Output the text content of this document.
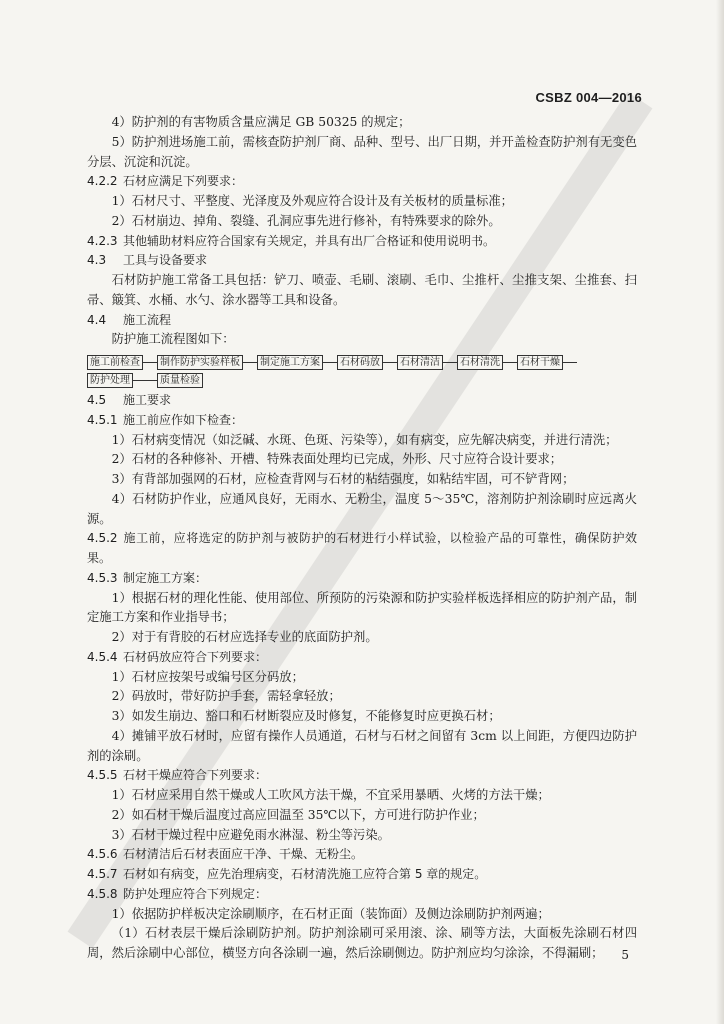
CSBZ 004—2016

4）防护剂的有害物质含量应满足 GB 50325 的规定；

5）防护剂进场施工前，需核查防护剂厂商、品种、型号、出厂日期，并开盖检查防护剂有无变色分层、沉淀和沉淀。

4.2.2 石材应满足下列要求：

1）石材尺寸、平整度、光泽度及外观应符合设计及有关板材的质量标准；

2）石材崩边、掉角、裂缝、孔洞应事先进行修补，有特殊要求的除外。

4.2.3 其他辅助材料应符合国家有关规定，并具有出厂合格证和使用说明书。

4.3 工具与设备要求

石材防护施工常备工具包括：铲刀、喷壶、毛刷、滚刷、毛巾、尘推杆、尘推支架、尘推套、扫帚、簸箕、水桶、水勺、涂水器等工具和设备。

4.4 施工流程

防护施工流程图如下：

施工前检查	制作防护实验样板	制定施工方案	石材码放	石材清洁	石材清洗	石材干燥
防护处理	质量检验

4.5 施工要求

4.5.1 施工前应作如下检查：

1）石材病变情况（如泛碱、水斑、色斑、污染等），如有病变，应先解决病变，并进行清洗；

2）石材的各种修补、开槽、特殊表面处理均已完成，外形、尺寸应符合设计要求；

3）有背部加强网的石材，应检查背网与石材的粘结强度，如粘结牢固，可不铲背网；

4）石材防护作业，应通风良好，无雨水、无粉尘，温度 5～35℃，溶剂防护剂涂刷时应远离火源。

4.5.2 施工前，应将选定的防护剂与被防护的石材进行小样试验，以检验产品的可靠性，确保防护效果。

4.5.3 制定施工方案：

1）根据石材的理化性能、使用部位、所预防的污染源和防护实验样板选择相应的防护剂产品，制定施工方案和作业指导书；

2）对于有背胶的石材应选择专业的底面防护剂。

4.5.4 石材码放应符合下列要求：

1）石材应按架号或编号区分码放；

2）码放时，带好防护手套，需轻拿轻放；

3）如发生崩边、豁口和石材断裂应及时修复，不能修复时应更换石材；

4）摊铺平放石材时，应留有操作人员通道，石材与石材之间留有 3cm 以上间距，方便四边防护剂的涂刷。

4.5.5 石材干燥应符合下列要求：

1）石材应采用自然干燥或人工吹风方法干燥，不宜采用暴晒、火烤的方法干燥；

2）如石材干燥后温度过高应回温至 35℃以下，方可进行防护作业；

3）石材干燥过程中应避免雨水淋湿、粉尘等污染。

4.5.6 石材清洁后石材表面应干净、干燥、无粉尘。

4.5.7 石材如有病变，应先治理病变，石材清洗施工应符合第 5 章的规定。

4.5.8 防护处理应符合下列规定：

1）依据防护样板决定涂刷顺序，在石材正面（装饰面）及侧边涂刷防护剂两遍；

（1）石材表层干燥后涂刷防护剂。防护剂涂刷可采用滚、涂、刷等方法，大面板先涂刷石材四周，然后涂刷中心部位，横竖方向各涂刷一遍，然后涂刷侧边。防护剂应均匀涂涂，不得漏刷；	5
